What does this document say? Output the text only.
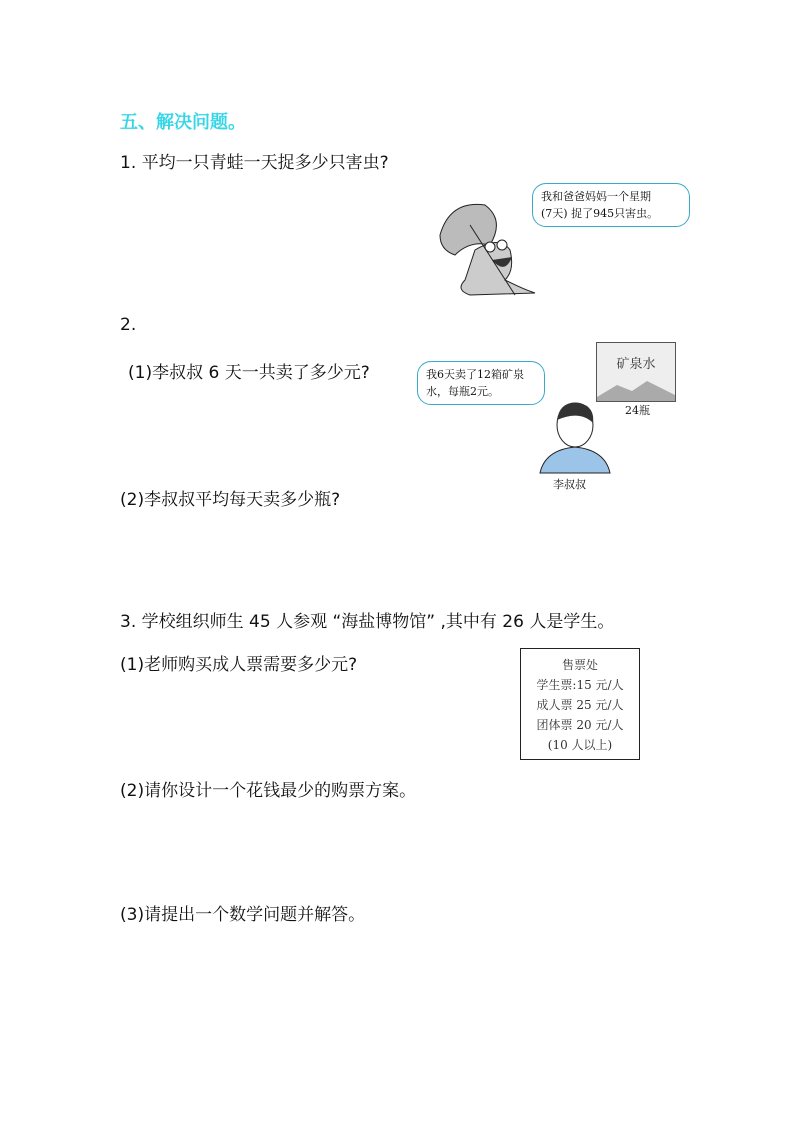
五、解决问题。
1. 平均一只青蛙一天捉多少只害虫?
我和爸爸妈妈一个星期
(7天) 捉了945只害虫。
2.
(1)李叔叔 6 天一共卖了多少元?	我6天卖了12箱矿泉
水，每瓶2元。
矿泉水
24瓶
李叔叔
(2)李叔叔平均每天卖多少瓶?
3. 学校组织师生 45 人参观 “海盐博物馆” ,其中有 26 人是学生。
(1)老师购买成人票需要多少元?	售票处
学生票:15 元/人
成人票 25 元/人
团体票 20 元/人
(10 人以上)
(2)请你设计一个花钱最少的购票方案。
(3)请提出一个数学问题并解答。
